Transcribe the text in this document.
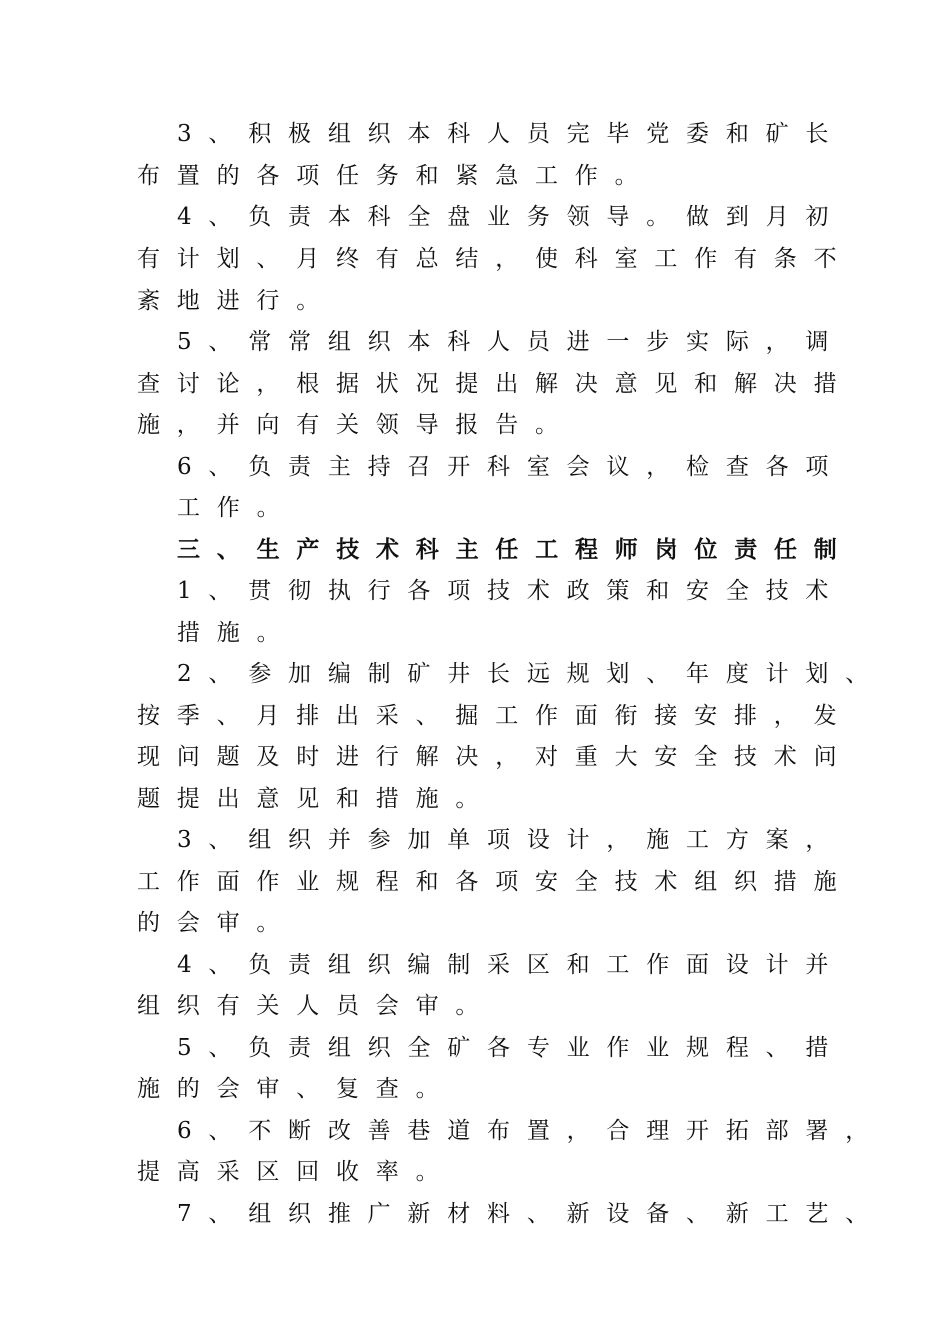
3、积极组织本科人员完毕党委和矿长
布置的各项任务和紧急工作。
4、负责本科全盘业务领导。做到月初
有计划、月终有总结，使科室工作有条不
紊地进行。
5、常常组织本科人员进一步实际，调
查讨论，根据状况提出解决意见和解决措
施，并向有关领导报告。
6、负责主持召开科室会议，检查各项
工作。
三、生产技术科主任工程师岗位责任制
1、贯彻执行各项技术政策和安全技术
措施。
2、参加编制矿井长远规划、年度计划、
按季、月排出采、掘工作面衔接安排，发
现问题及时进行解决，对重大安全技术问
题提出意见和措施。
3、组织并参加单项设计，施工方案，
工作面作业规程和各项安全技术组织措施
的会审。
4、负责组织编制采区和工作面设计并
组织有关人员会审。
5、负责组织全矿各专业作业规程、措
施的会审、复查。
6、不断改善巷道布置，合理开拓部署，
提高采区回收率。
7、组织推广新材料、新设备、新工艺、
